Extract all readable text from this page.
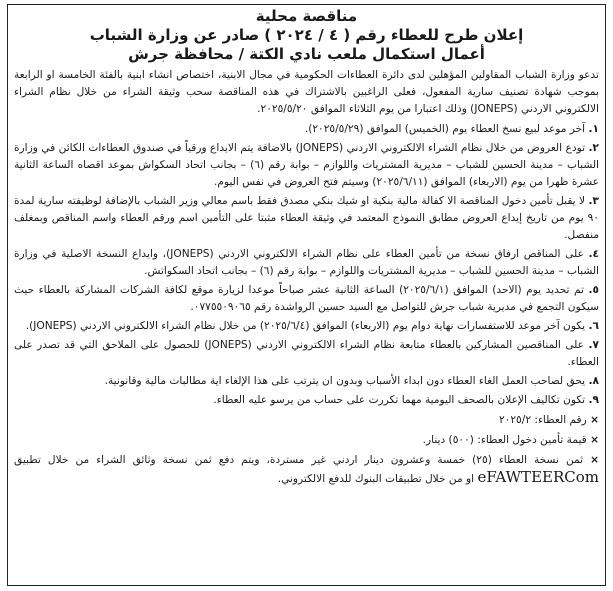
مناقصة محلية
إعلان طرح للعطاء رقم ( ٤ / ٢٠٢٤ ) صادر عن وزارة الشباب
أعمال استكمال ملعب نادي الكتة / محافظة جرش

تدعو وزارة الشباب المقاولين المؤهلين لدى دائرة العطاءات الحكومية في مجال الابنية، اختصاص انشاء ابنية بالفئة الخامسة او الرابعة بموجب شهادة تصنيف سارية المفعول، فعلى الراغبين بالاشتراك في هذه المناقصة سحب وثيقة الشراء من خلال نظام الشراء الالكتروني الاردني (JONEPS) وذلك اعتبارا من يوم الثلاثاء الموافق ٢٠٢٥/٥/٢٠.

١. آخر موعد لبيع نسخ العطاء يوم (الخميس) الموافق (٢٠٢٥/٥/٢٩).

٢. تودع العروض من خلال نظام الشراء الالكتروني الاردني (JONEPS) بالاضافة يتم الايداع ورقياً في صندوق العطاءات الكائن في وزارة الشباب – مدينة الحسين للشباب – مديرية المشتريات واللوازم – بوابة رقم (٦) – بجانب اتحاد السكواش بموعد اقصاه الساعة الثانية عشرة ظهرا من يوم (الاربعاء) الموافق (٢٠٢٥/٦/١١) وسيتم فتح العروض في نفس اليوم.

٣. لا يقبل تأمين دخول المناقصة الا كفالة مالية بنكية او شيك بنكي مصدق فقط باسم معالي وزير الشباب بالإضافة لوظيفته سارية لمدة ٩٠ يوم من تاريخ إيداع العروض مطابق النموذج المعتمد في وثيقة العطاء مثبتا على التأمين اسم ورقم العطاء واسم المناقص وبمغلف منفصل.

٤. على المناقص ارفاق نسخة من تأمين العطاء على نظام الشراء الالكتروني الاردني (JONEPS)، وايداع النسخة الاصلية في وزارة الشباب – مدينة الحسين للشباب – مديرية المشتريات واللوازم – بوابة رقم (٦) – بجانب اتحاد السكواتش.

٥. تم تحديد يوم (الاحد) الموافق (٢٠٢٥/٦/١) الساعة الثانية عشر صباحاً موعدا لزيارة موقع لكافة الشركات المشاركة بالعطاء حيث سيكون التجمع في مديرية شباب جرش للتواصل مع السيد حسين الرواشدة رقم ٠٧٧٥٥٠٩٠٦٥.

٦. يكون آخر موعد للاستفسارات نهاية دوام يوم (الاربعاء) الموافق (٢٠٢٥/٦/٤) من خلال نظام الشراء الالكتروني الاردني (JONEPS).

٧. على المناقصين المشاركين بالعطاء متابعة نظام الشراء الالكتروني الاردني (JONEPS) للحصول على الملاحق التي قد تصدر على العطاء.

٨. يحق لصاحب العمل الغاء العطاء دون ابداء الأسباب وبدون ان يترتب على هذا الإلغاء اية مطالبات مالية وقانونية.

٩. تكون تكاليف الإعلان بالصحف اليومية مهما تكررت على حساب من يرسو عليه العطاء.

× رقم العطاء: ٢٠٢٥/٢

× قيمة تأمين دخول العطاء: (٥٠٠) دينار.

× ثمن نسخة العطاء (٢٥) خمسة وعشرون دينار اردني غير مستردة، ويتم دفع ثمن نسخة وثائق الشراء من خلال تطبيق eFAWTEERCom او من خلال تطبيقات البنوك للدفع الالكتروني.
